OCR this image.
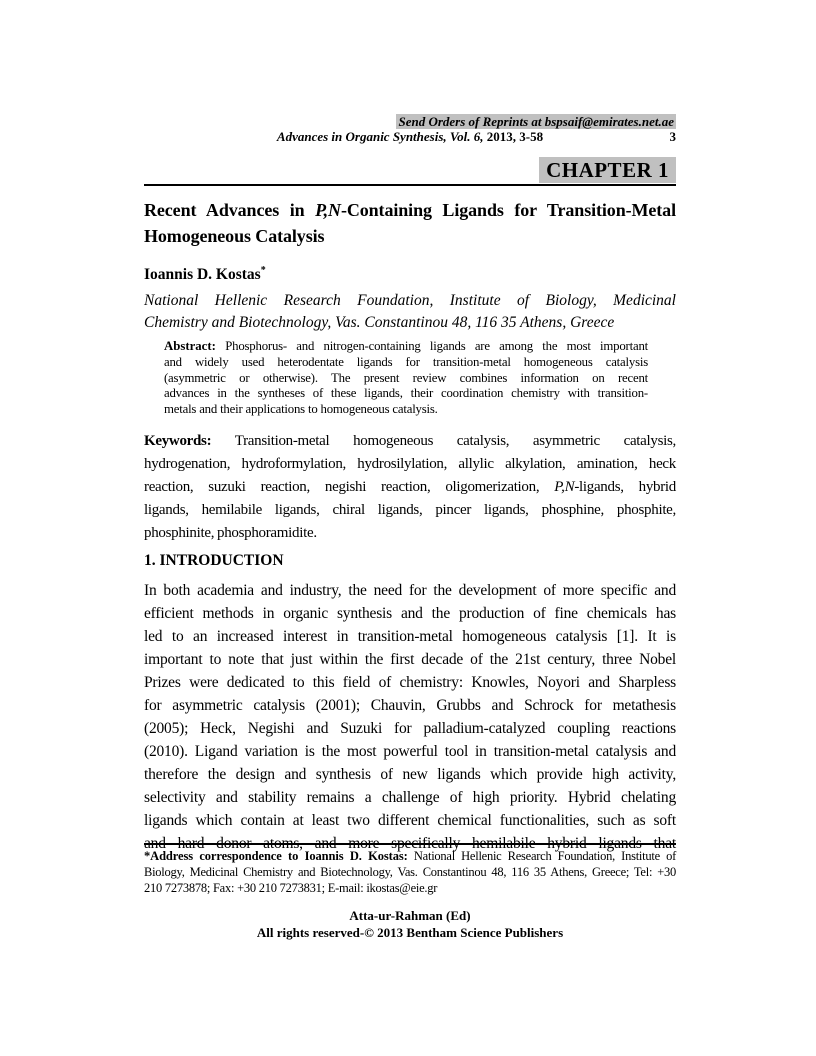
Send Orders of Reprints at bspsaif@emirates.net.ae
Advances in Organic Synthesis, Vol. 6, 2013, 3-58	3
CHAPTER 1
Recent Advances in P,N-Containing Ligands for Transition-Metal Homogeneous Catalysis
Ioannis D. Kostas*
National Hellenic Research Foundation, Institute of Biology, Medicinal
Chemistry and Biotechnology, Vas. Constantinou 48, 116 35 Athens, Greece
Abstract: Phosphorus- and nitrogen-containing ligands are among the most important
and widely used heterodentate ligands for transition-metal homogeneous catalysis
(asymmetric or otherwise). The present review combines information on recent
advances in the syntheses of these ligands, their coordination chemistry with transition-
metals and their applications to homogeneous catalysis.
Keywords: Transition-metal homogeneous catalysis, asymmetric catalysis,
hydrogenation, hydroformylation, hydrosilylation, allylic alkylation, amination, heck
reaction, suzuki reaction, negishi reaction, oligomerization, P,N-ligands, hybrid
ligands, hemilabile ligands, chiral ligands, pincer ligands, phosphine, phosphite,
phosphinite, phosphoramidite.
1. INTRODUCTION
In both academia and industry, the need for the development of more specific and
efficient methods in organic synthesis and the production of fine chemicals has
led to an increased interest in transition-metal homogeneous catalysis [1]. It is
important to note that just within the first decade of the 21st century, three Nobel
Prizes were dedicated to this field of chemistry: Knowles, Noyori and Sharpless
for asymmetric catalysis (2001); Chauvin, Grubbs and Schrock for metathesis
(2005); Heck, Negishi and Suzuki for palladium-catalyzed coupling reactions
(2010). Ligand variation is the most powerful tool in transition-metal catalysis and
therefore the design and synthesis of new ligands which provide high activity,
selectivity and stability remains a challenge of high priority. Hybrid chelating
ligands which contain at least two different chemical functionalities, such as soft
and hard donor atoms, and more specifically hemilabile hybrid ligands that
*Address correspondence to Ioannis D. Kostas: National Hellenic Research Foundation, Institute of
Biology, Medicinal Chemistry and Biotechnology, Vas. Constantinou 48, 116 35 Athens, Greece; Tel: +30
210 7273878; Fax: +30 210 7273831; E-mail: ikostas@eie.gr
Atta-ur-Rahman (Ed)
All rights reserved-© 2013 Bentham Science Publishers
